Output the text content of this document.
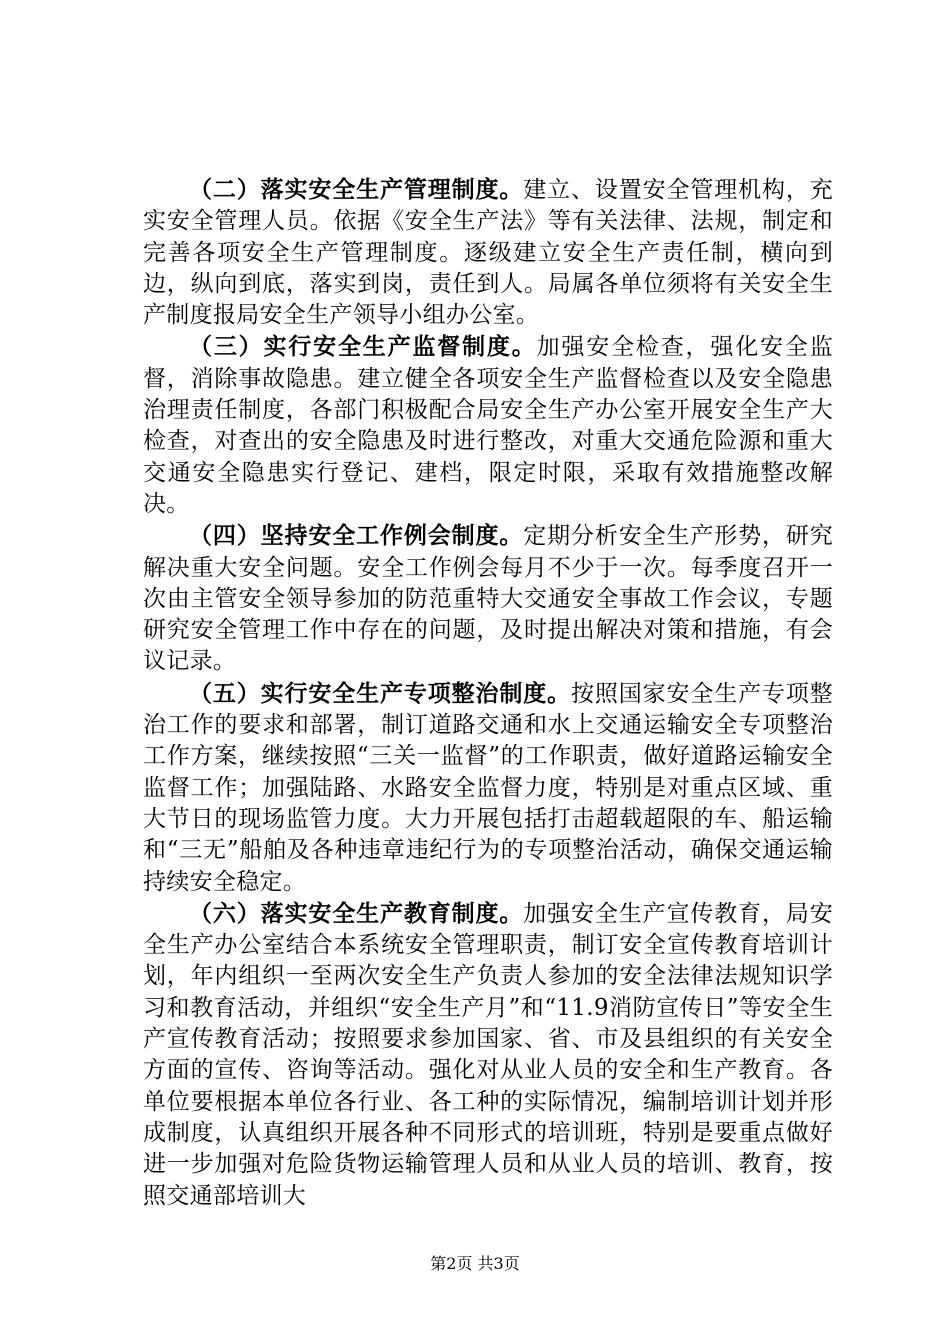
（二）落实安全生产管理制度。建立、设置安全管理机构，充实安全管理人员。依据《安全生产法》等有关法律、法规，制定和完善各项安全生产管理制度。逐级建立安全生产责任制，横向到边，纵向到底，落实到岗，责任到人。局属各单位须将有关安全生产制度报局安全生产领导小组办公室。

（三）实行安全生产监督制度。加强安全检查，强化安全监督，消除事故隐患。建立健全各项安全生产监督检查以及安全隐患治理责任制度，各部门积极配合局安全生产办公室开展安全生产大检查，对查出的安全隐患及时进行整改，对重大交通危险源和重大交通安全隐患实行登记、建档，限定时限，采取有效措施整改解决。

（四）坚持安全工作例会制度。定期分析安全生产形势，研究解决重大安全问题。安全工作例会每月不少于一次。每季度召开一次由主管安全领导参加的防范重特大交通安全事故工作会议，专题研究安全管理工作中存在的问题，及时提出解决对策和措施，有会议记录。

（五）实行安全生产专项整治制度。按照国家安全生产专项整治工作的要求和部署，制订道路交通和水上交通运输安全专项整治工作方案，继续按照“三关一监督”的工作职责，做好道路运输安全监督工作；加强陆路、水路安全监督力度，特别是对重点区域、重大节日的现场监管力度。大力开展包括打击超载超限的车、船运输和“三无”船舶及各种违章违纪行为的专项整治活动，确保交通运输持续安全稳定。

（六）落实安全生产教育制度。加强安全生产宣传教育，局安全生产办公室结合本系统安全管理职责，制订安全宣传教育培训计划，年内组织一至两次安全生产负责人参加的安全法律法规知识学习和教育活动，并组织“安全生产月”和“11.9消防宣传日”等安全生产宣传教育活动；按照要求参加国家、省、市及县组织的有关安全方面的宣传、咨询等活动。强化对从业人员的安全和生产教育。各单位要根据本单位各行业、各工种的实际情况，编制培训计划并形成制度，认真组织开展各种不同形式的培训班，特别是要重点做好进一步加强对危险货物运输管理人员和从业人员的培训、教育，按照交通部培训大

第2页 共3页
